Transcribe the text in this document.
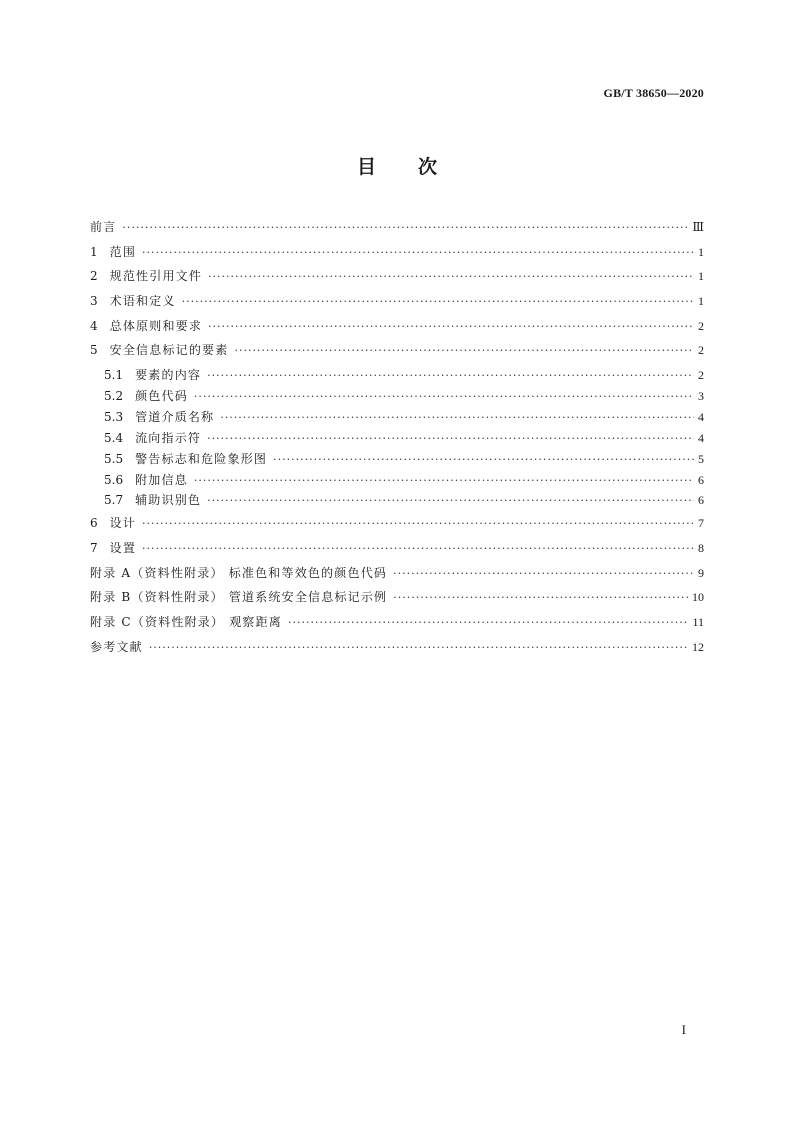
GB/T 38650—2020
目次
前言 ·····	Ⅲ
1 范围 ·····	1
2 规范性引用文件 ·····	1
3 术语和定义 ·····	1
4 总体原则和要求 ·····	2
5 安全信息标记的要素 ·····	2
5.1 要素的内容 ·····	2
5.2 颜色代码 ·····	3
5.3 管道介质名称 ·····	4
5.4 流向指示符 ·····	4
5.5 警告标志和危险象形图 ·····	5
5.6 附加信息 ·····	6
5.7 辅助识别色 ·····	6
6 设计 ·····	7
7 设置 ·····	8
附录 A（资料性附录） 标准色和等效色的颜色代码 ·····	9
附录 B（资料性附录） 管道系统安全信息标记示例 ·····	10
附录 C（资料性附录） 观察距离 ·····	11
参考文献 ·····	12
I
